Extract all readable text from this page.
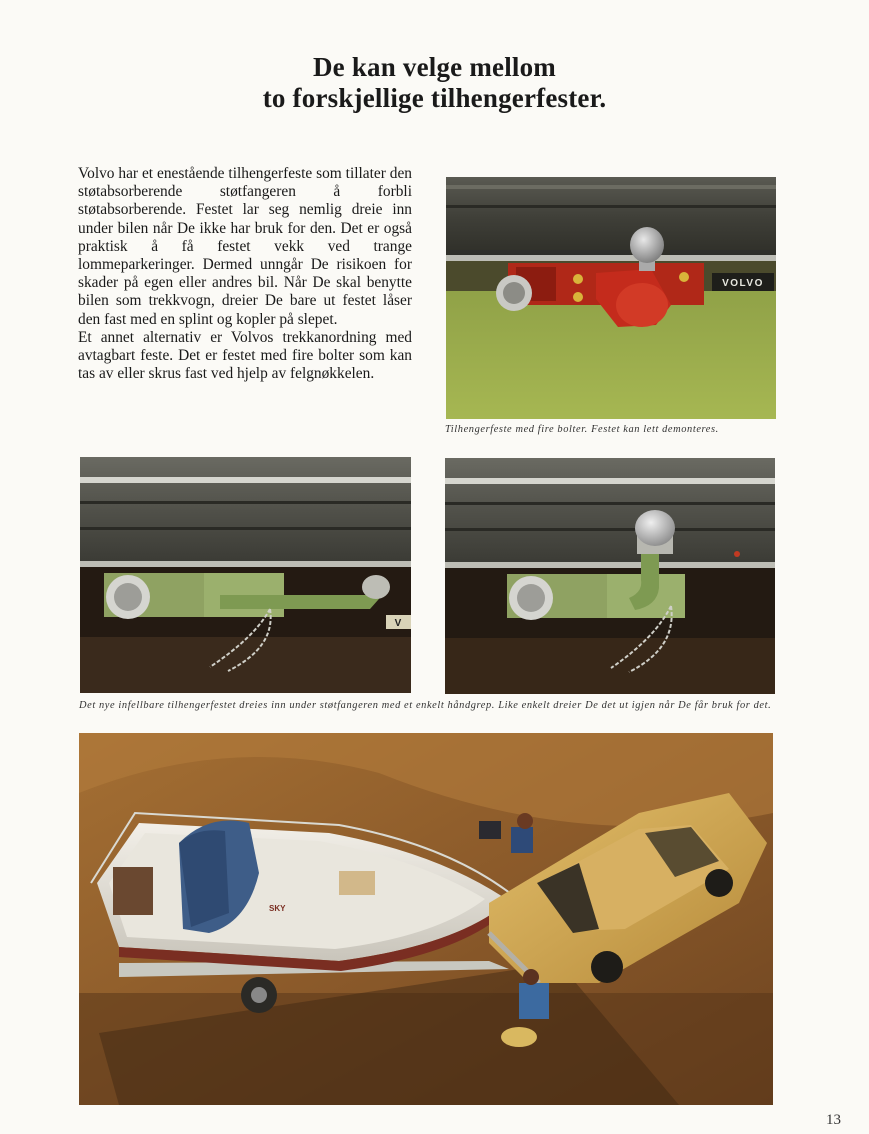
De kan velge mellom
to forskjellige tilhengerfester.

Volvo har et enestående tilhengerfeste som tillater den støtabsorberende støtfangeren å forbli støtabsorberende. Festet lar seg nemlig dreie inn under bilen når De ikke har bruk for den. Det er også praktisk å få festet vekk ved trange lommeparkeringer. Dermed unngår De risikoen for skader på egen eller andres bil. Når De skal benytte bilen som trekkvogn, dreier De bare ut festet låser den fast med en splint og kopler på slepet.

Et annet alternativ er Volvos trekkanordning med avtagbart feste. Det er festet med fire bolter som kan tas av eller skrus fast ved hjelp av felgnøkkelen.

VOLVO
Tilhengerfeste med fire bolter. Festet kan lett demonteres.
V
Det nye infellbare tilhengerfestet dreies inn under støtfangeren med et enkelt håndgrep. Like enkelt dreier De det ut igjen når De får bruk for det.
SKY
13
